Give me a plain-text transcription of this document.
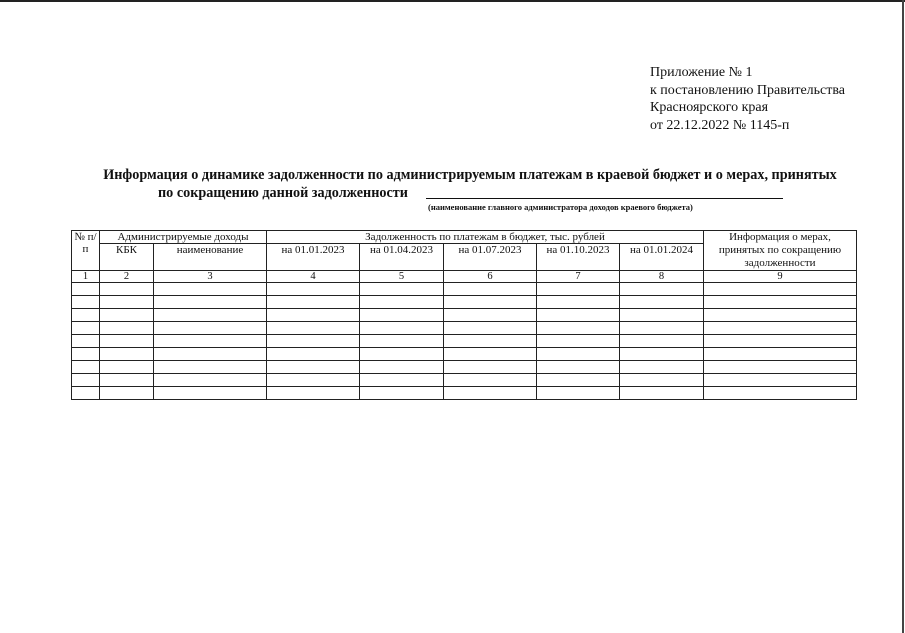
Приложение № 1
к постановлению Правительства
Красноярского края
от 22.12.2022 № 1145-п
Информация о динамике задолженности по администрируемым платежам в краевой бюджет и о мерах, принятых
по сокращению данной задолженности
(наименование главного администратора доходов краевого бюджета)
№ п/п	Администрируемые доходы		Задолженность по платежам в бюджет, тыс. рублей					Информация о мерах, принятых по сокращению задолженности
	КБК	наименование	на 01.01.2023	на 01.04.2023	на 01.07.2023	на 01.10.2023	на 01.01.2024	
1	2	3	4	5	6	7	8	9
